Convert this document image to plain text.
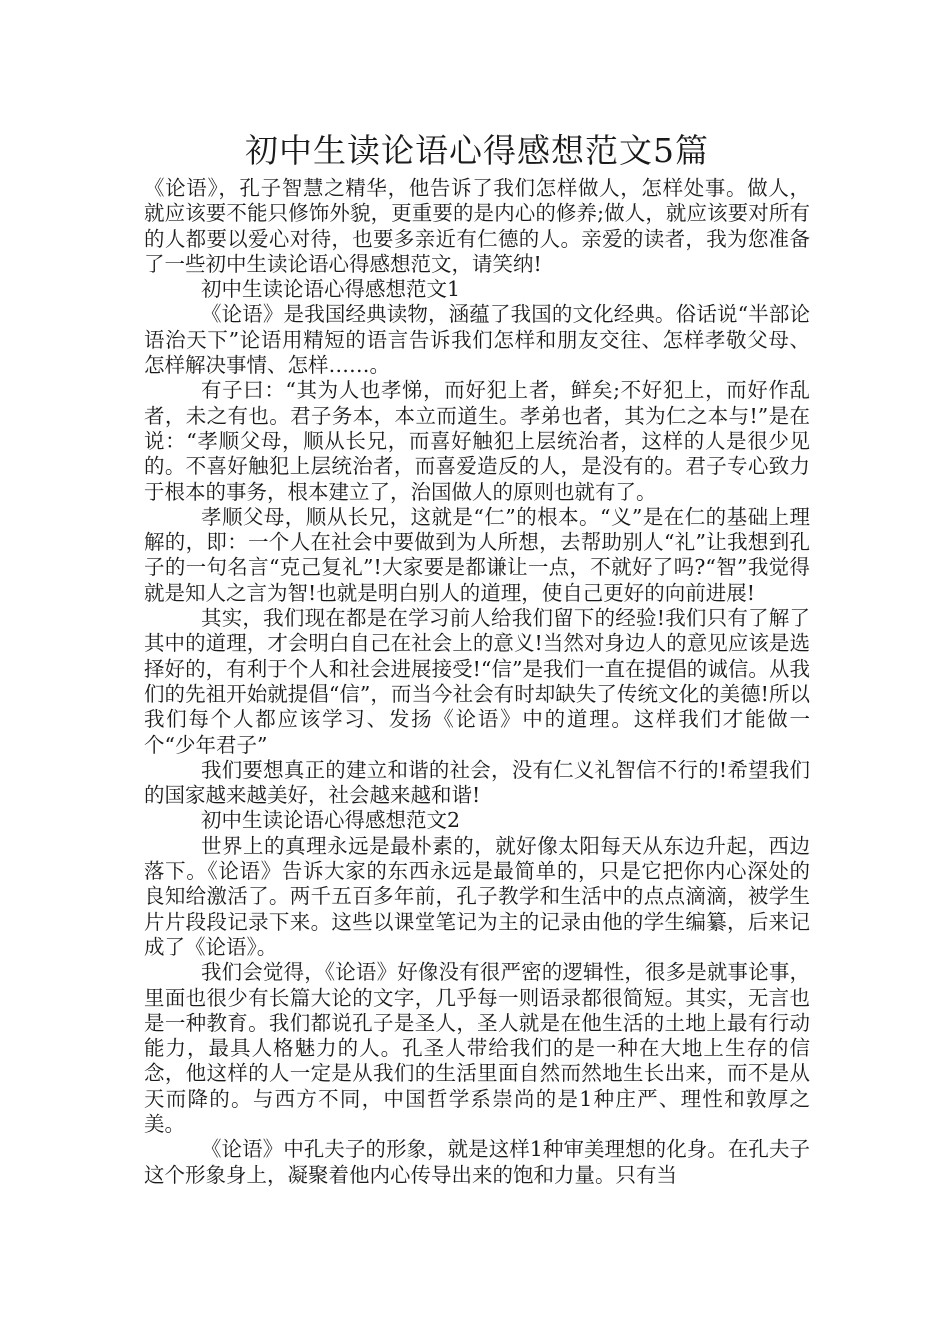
初中生读论语心得感想范文5篇

《论语》，孔子智慧之精华，他告诉了我们怎样做人，怎样处事。做人，就应该要不能只修饰外貌，更重要的是内心的修养;做人，就应该要对所有的人都要以爱心对待，也要多亲近有仁德的人。亲爱的读者，我为您准备了一些初中生读论语心得感想范文，请笑纳!

初中生读论语心得感想范文1

《论语》是我国经典读物，涵蕴了我国的文化经典。俗话说“半部论语治天下”论语用精短的语言告诉我们怎样和朋友交往、怎样孝敬父母、怎样解决事情、怎样……。

有子曰：“其为人也孝悌，而好犯上者，鲜矣;不好犯上，而好作乱者，未之有也。君子务本，本立而道生。孝弟也者，其为仁之本与!”是在说：“孝顺父母，顺从长兄，而喜好触犯上层统治者，这样的人是很少见的。不喜好触犯上层统治者，而喜爱造反的人，是没有的。君子专心致力于根本的事务，根本建立了，治国做人的原则也就有了。

孝顺父母，顺从长兄，这就是“仁”的根本。“义”是在仁的基础上理解的，即：一个人在社会中要做到为人所想，去帮助别人“礼”让我想到孔子的一句名言“克己复礼”!大家要是都谦让一点，不就好了吗?“智”我觉得就是知人之言为智!也就是明白别人的道理，使自己更好的向前进展!

其实，我们现在都是在学习前人给我们留下的经验!我们只有了解了其中的道理，才会明白自己在社会上的意义!当然对身边人的意见应该是选择好的，有利于个人和社会进展接受!“信”是我们一直在提倡的诚信。从我们的先祖开始就提倡“信”，而当今社会有时却缺失了传统文化的美德!所以我们每个人都应该学习、发扬《论语》中的道理。这样我们才能做一个“少年君子”

我们要想真正的建立和谐的社会，没有仁义礼智信不行的!希望我们的国家越来越美好，社会越来越和谐!

初中生读论语心得感想范文2

世界上的真理永远是最朴素的，就好像太阳每天从东边升起，西边落下。《论语》告诉大家的东西永远是最简单的，只是它把你内心深处的良知给激活了。两千五百多年前，孔子教学和生活中的点点滴滴，被学生片片段段记录下来。这些以课堂笔记为主的记录由他的学生编纂，后来记成了《论语》。

我们会觉得，《论语》好像没有很严密的逻辑性，很多是就事论事，里面也很少有长篇大论的文字，几乎每一则语录都很简短。其实，无言也是一种教育。我们都说孔子是圣人，圣人就是在他生活的土地上最有行动能力，最具人格魅力的人。孔圣人带给我们的是一种在大地上生存的信念，他这样的人一定是从我们的生活里面自然而然地生长出来，而不是从天而降的。与西方不同，中国哲学系崇尚的是1种庄严、理性和敦厚之美。

《论语》中孔夫子的形象，就是这样1种审美理想的化身。在孔夫子这个形象身上，凝聚着他内心传导出来的饱和力量。只有当
